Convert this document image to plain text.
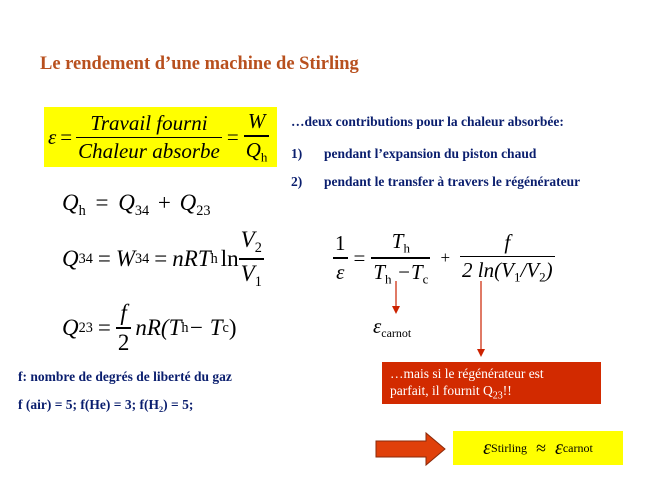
Le rendement d’une machine de Stirling
$\varepsilon = \frac{\text{Travail fourni}}{\text{Chaleur absorbe}} = \frac{W}{Q_h}$ …deux contributions pour la chaleur absorbée:
1) pendant l’expansion du piston chaud
2) pendant le transfer à travers le régénérateur
$Q_h = Q_{34} + Q_{23}$
Q 34 = W 34 = nRT h $\ln \frac{V_2}{V_1}$
Q $23 = \frac{f}{2} nR(T$ h − T c )
$\frac{1}{\varepsilon} = \frac{T_h}{T_h -T_c} + \frac{f}{2 \ln(V_1/V_2)}$
$\varepsilon_{carnot}$
f: nombre de degrés de liberté du gaz
f (air) = 5; f(He) = 3; $f(H_2) = 5$;
…mais si le régénérateur est
parfait, il fournit $Q_{23}$!!
ε Stirling ≈ ε carnot
